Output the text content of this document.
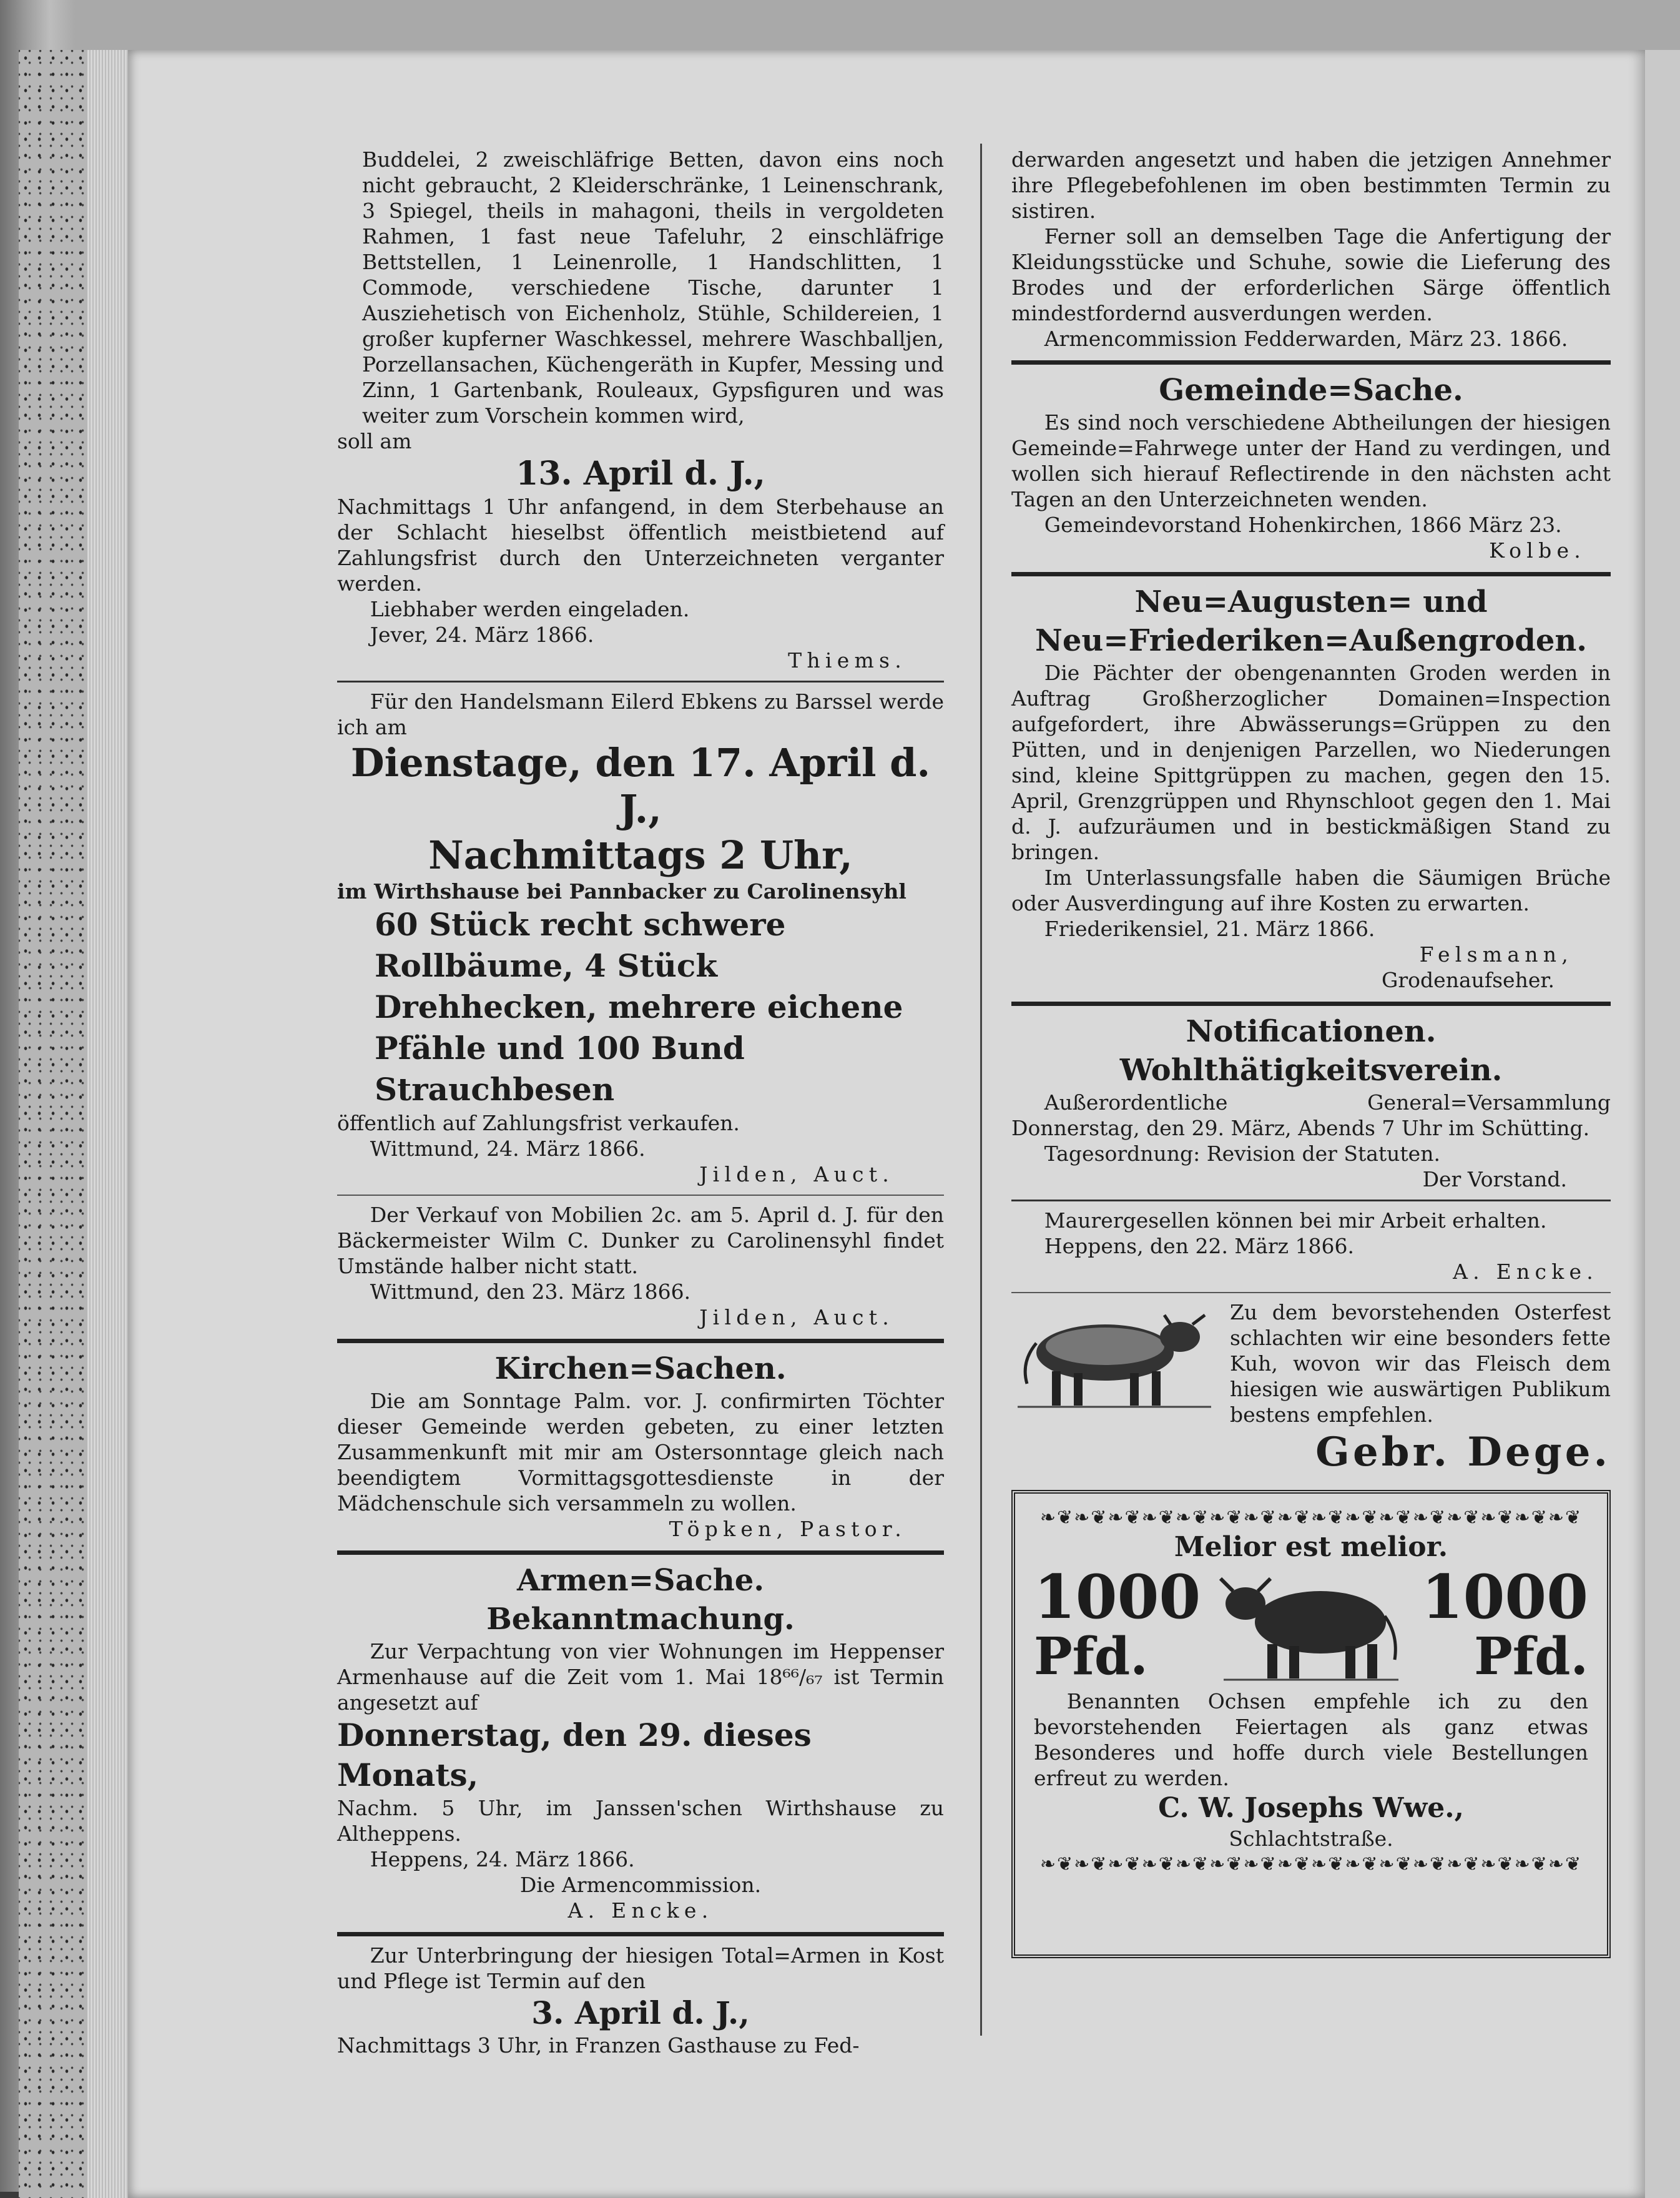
Buddelei, 2 zweischläfrige Betten, davon eins noch nicht gebraucht, 2 Kleiderschränke, 1 Leinenschrank, 3 Spiegel, theils in mahagoni, theils in vergoldeten Rahmen, 1 fast neue Tafeluhr, 2 einschläfrige Bettstellen, 1 Leinenrolle, 1 Handschlitten, 1 Commode, verschiedene Tische, darunter 1 Ausziehetisch von Eichenholz, Stühle, Schildereien, 1 großer kupferner Waschkessel, mehrere Waschballjen, Porzellansachen, Küchengeräth in Kupfer, Messing und Zinn, 1 Gartenbank, Rouleaux, Gypsfiguren und was weiter zum Vorschein kommen wird,

soll am

13. April d. J.,

Nachmittags 1 Uhr anfangend, in dem Sterbehause an der Schlacht hieselbst öffentlich meistbietend auf Zahlungsfrist durch den Unterzeichneten verganter werden.

Liebhaber werden eingeladen.

Jever, 24. März 1866.

Thiems.

Für den Handelsmann Eilerd Ebkens zu Barssel werde ich am

Dienstage, den 17. April d. J.,
Nachmittags 2 Uhr,

im Wirthshause bei Pannbacker zu Carolinensyhl

60 Stück recht schwere Rollbäume, 4 Stück Drehhecken, mehrere eichene Pfähle und 100 Bund Strauchbesen

öffentlich auf Zahlungsfrist verkaufen.

Wittmund, 24. März 1866.

Jilden, Auct.

Der Verkauf von Mobilien 2c. am 5. April d. J. für den Bäckermeister Wilm C. Dunker zu Carolinensyhl findet Umstände halber nicht statt.

Wittmund, den 23. März 1866.

Jilden, Auct.

Kirchen=Sachen.

Die am Sonntage Palm. vor. J. confirmirten Töchter dieser Gemeinde werden gebeten, zu einer letzten Zusammenkunft mit mir am Ostersonntage gleich nach beendigtem Vormittagsgottesdienste in der Mädchenschule sich versammeln zu wollen.

Töpken, Pastor.

Armen=Sache.
Bekanntmachung.

Zur Verpachtung von vier Wohnungen im Heppenser Armenhause auf die Zeit vom 1. Mai 18⁶⁶/₆₇ ist Termin angesetzt auf

Donnerstag, den 29. dieses Monats,

Nachm. 5 Uhr, im Janssen'schen Wirthshause zu Altheppens.

Heppens, 24. März 1866.

Die Armencommission.

A. Encke.

Zur Unterbringung der hiesigen Total=Armen in Kost und Pflege ist Termin auf den

3. April d. J.,

Nachmittags 3 Uhr, in Franzen Gasthause zu Fed-

derwarden angesetzt und haben die jetzigen Annehmer ihre Pflegebefohlenen im oben bestimmten Termin zu sistiren.

Ferner soll an demselben Tage die Anfertigung der Kleidungsstücke und Schuhe, sowie die Lieferung des Brodes und der erforderlichen Särge öffentlich mindestfordernd ausverdungen werden.

Armencommission Fedderwarden, März 23. 1866.

Gemeinde=Sache.

Es sind noch verschiedene Abtheilungen der hiesigen Gemeinde=Fahrwege unter der Hand zu verdingen, und wollen sich hierauf Reflectirende in den nächsten acht Tagen an den Unterzeichneten wenden.

Gemeindevorstand Hohenkirchen, 1866 März 23.

Kolbe.

Neu=Augusten= und Neu=Friederiken=Außengroden.

Die Pächter der obengenannten Groden werden in Auftrag Großherzoglicher Domainen=Inspection aufgefordert, ihre Abwässerungs=Grüppen zu den Pütten, und in denjenigen Parzellen, wo Niederungen sind, kleine Spittgrüppen zu machen, gegen den 15. April, Grenzgrüppen und Rhynschloot gegen den 1. Mai d. J. aufzuräumen und in bestickmäßigen Stand zu bringen.

Im Unterlassungsfalle haben die Säumigen Brüche oder Ausverdingung auf ihre Kosten zu erwarten.

Friederikensiel, 21. März 1866.

Felsmann,

Grodenaufseher.

Notificationen.
Wohlthätigkeitsverein.

Außerordentliche General=Versammlung Donnerstag, den 29. März, Abends 7 Uhr im Schütting.

Tagesordnung: Revision der Statuten.

Der Vorstand.

Maurergesellen können bei mir Arbeit erhalten.

Heppens, den 22. März 1866.

A. Encke.

Zu dem bevorstehenden Osterfest schlachten wir eine besonders fette Kuh, wovon wir das Fleisch dem hiesigen wie auswärtigen Publikum bestens empfehlen.

Gebr. Dege.
❧❦❧❦❧❦❧❦❧❦❧❦❧❦❧❦❧❦❧❦❧❦❧❦❧❦❧❦❧❦❧❦
Melior est melior.
1000
Pfd.
1000
Pfd.

Benannten Ochsen empfehle ich zu den bevorstehenden Feiertagen als ganz etwas Besonderes und hoffe durch viele Bestellungen erfreut zu werden.

C. W. Josephs Wwe.,
Schlachtstraße.
❧❦❧❦❧❦❧❦❧❦❧❦❧❦❧❦❧❦❧❦❧❦❧❦❧❦❧❦❧❦❧❦
